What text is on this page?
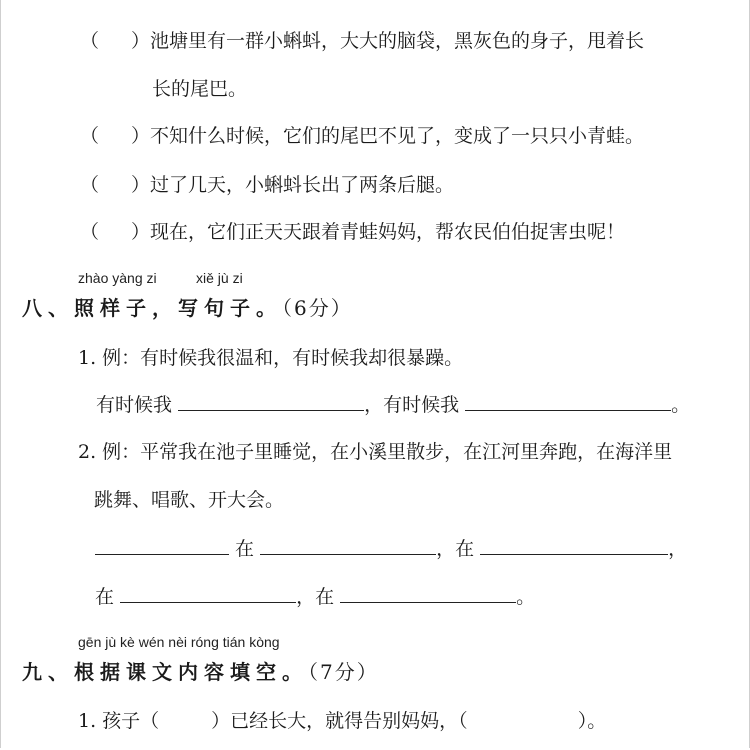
（ ）池塘里有一群小蝌蚪，大大的脑袋，黑灰色的身子，甩着长
长的尾巴。
（ ）不知什么时候，它们的尾巴不见了，变成了一只只小青蛙。
（ ）过了几天，小蝌蚪长出了两条后腿。
（ ）现在，它们正天天跟着青蛙妈妈，帮农民伯伯捉害虫呢！
zhào yàng zi	xiě jù zi
八、照样子，写句子。（6分）
1. 例：有时候我很温和，有时候我却很暴躁。
有时候我	，有时候我	。
2. 例：平常我在池子里睡觉，在小溪里散步，在江河里奔跑，在海洋里
跳舞、唱歌、开大会。
在	，在	，
在	，在	。
gēn jù kè wén nèi róng tián kòng
九、根据课文内容填空。（7分）
1. 孩子（	）已经长大，就得告别妈妈，（	）。
